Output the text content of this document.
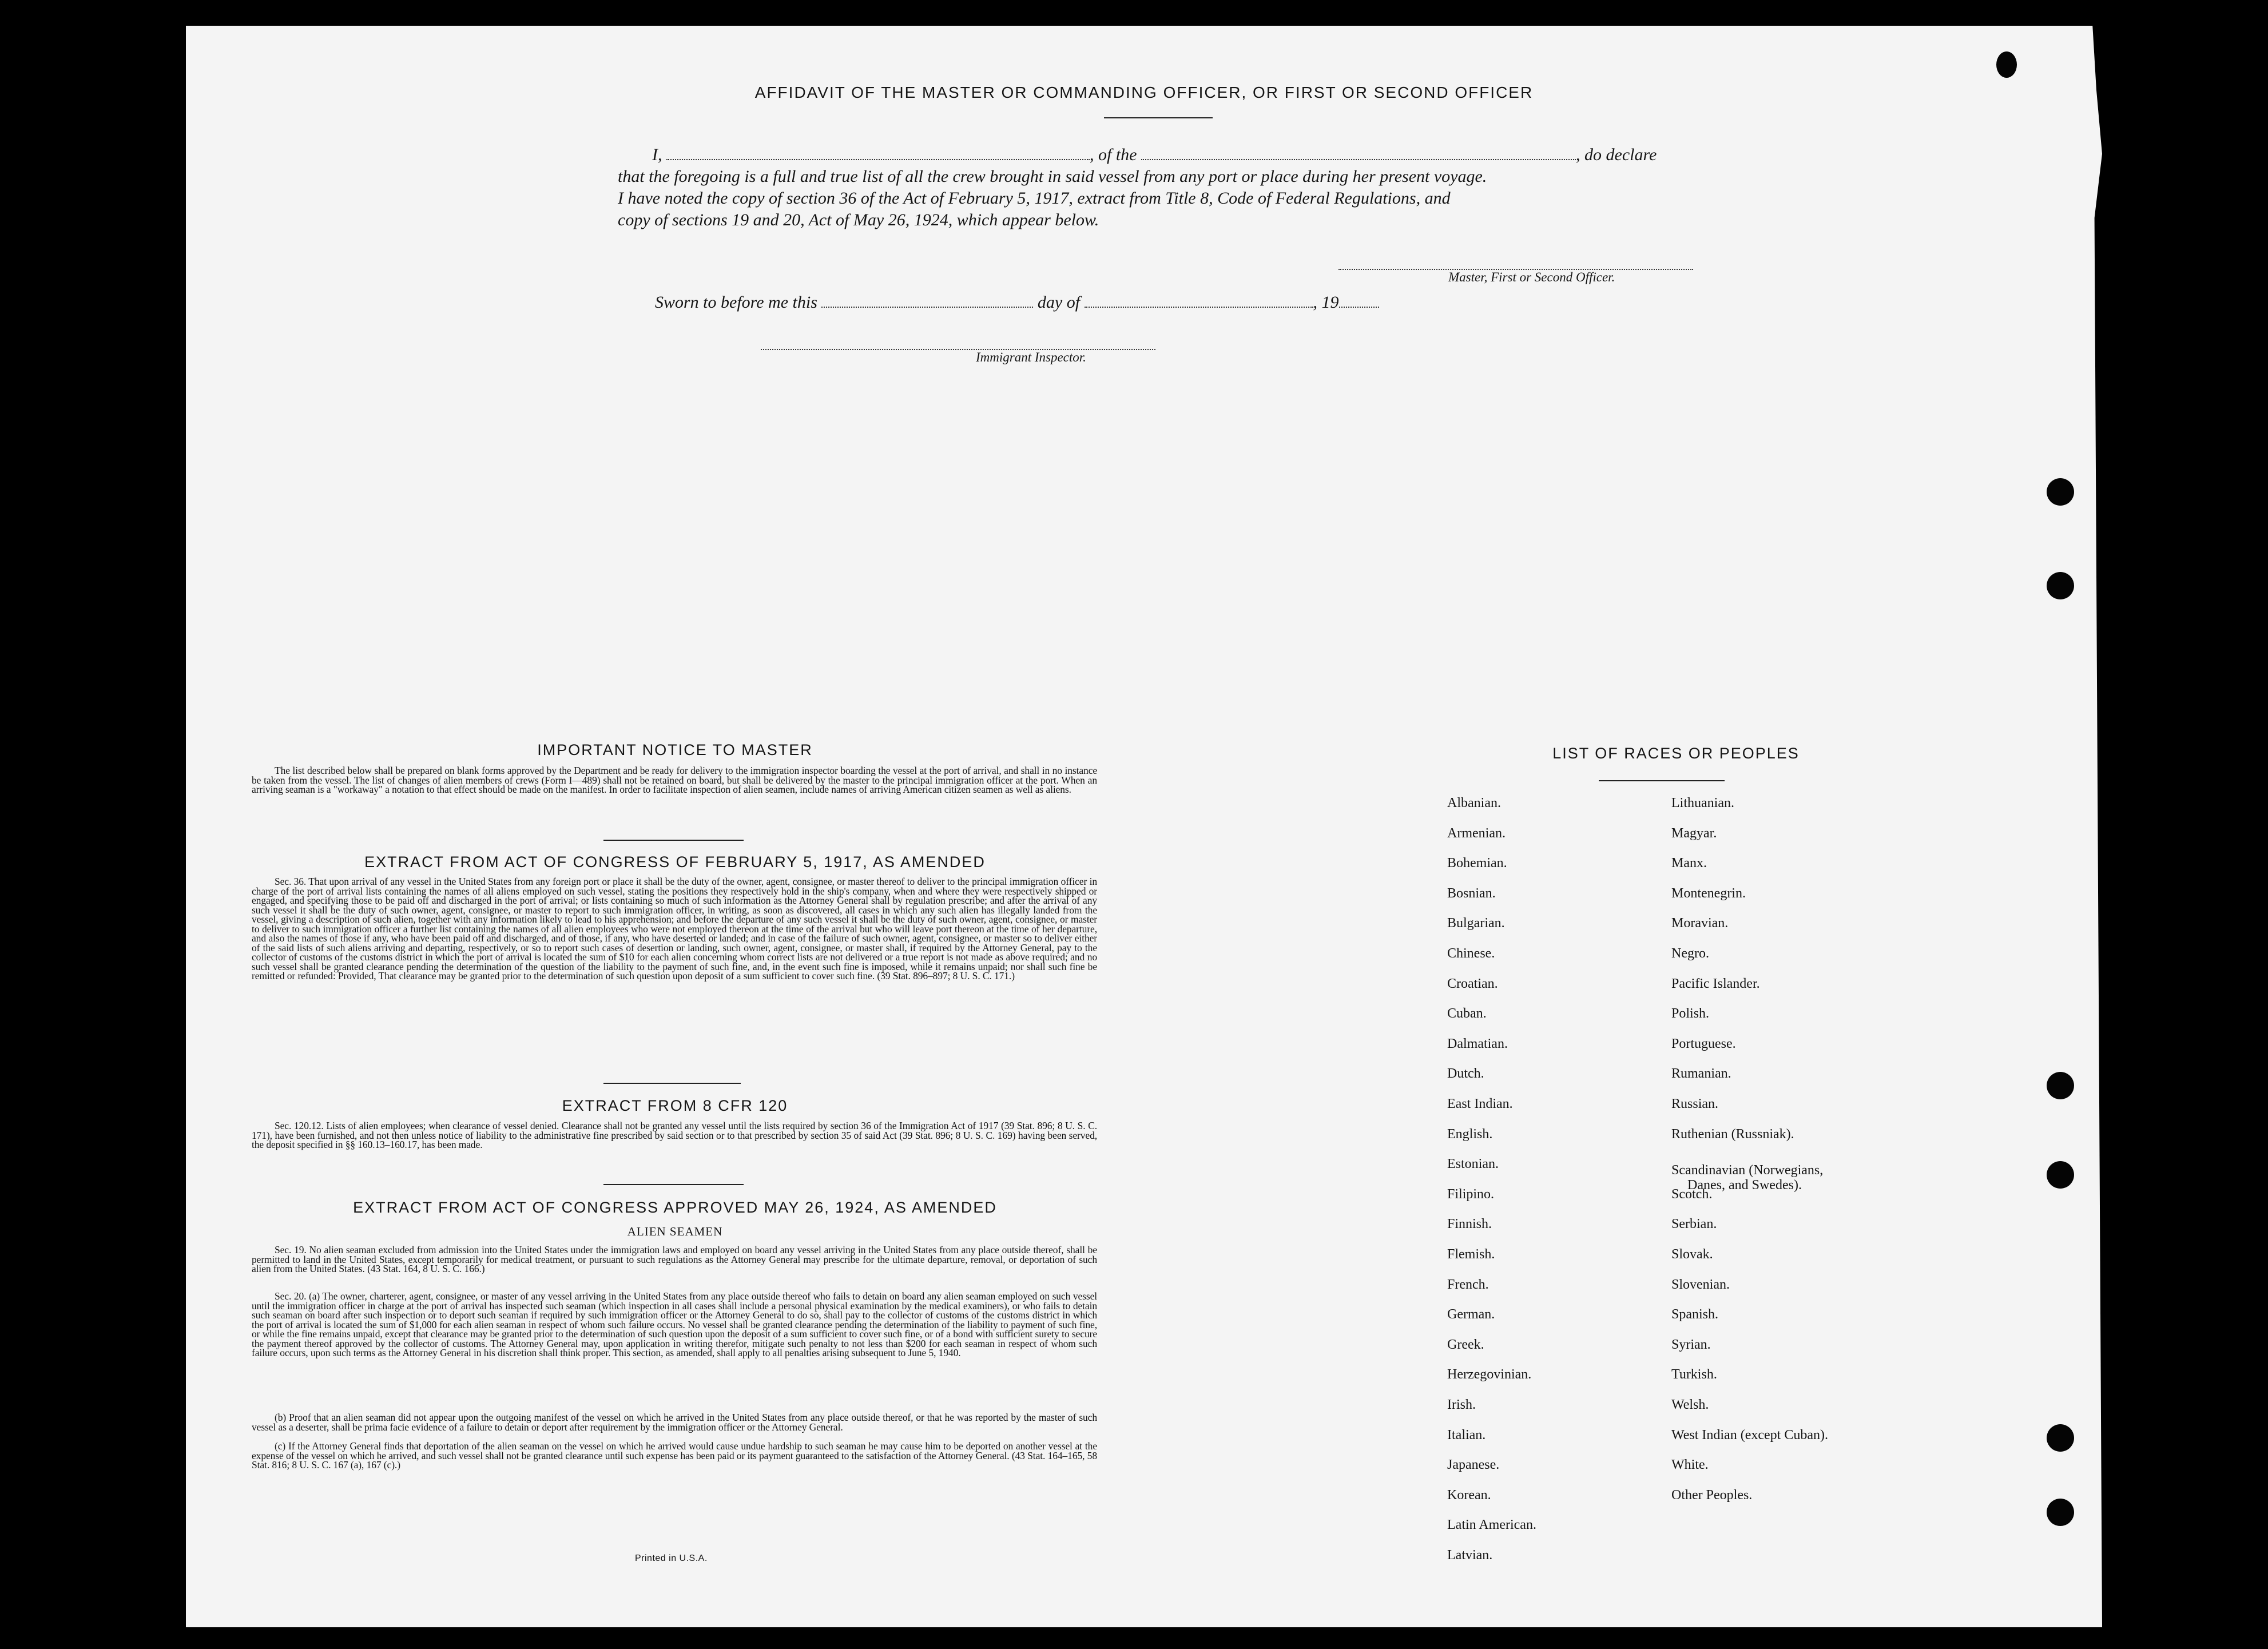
AFFIDAVIT OF THE MASTER OR COMMANDING OFFICER, OR FIRST OR SECOND OFFICER
I,	, of the	, do declare
that the foregoing is a full and true list of all the crew brought in said vessel from any port or place during her present voyage.
I have noted the copy of section 36 of the Act of February 5, 1917, extract from Title 8, Code of Federal Regulations, and
copy of sections 19 and 20, Act of May 26, 1924, which appear below.
Master, First or Second Officer.
Sworn to before me this	day of	, 19
Immigrant Inspector.
IMPORTANT NOTICE TO MASTER
The list described below shall be prepared on blank forms approved by the Department and be ready for delivery to the immigration inspector boarding the vessel at the port of arrival, and shall in no instance be taken from the vessel. The list of changes of alien members of crews (Form I—489) shall not be retained on board, but shall be delivered by the master to the principal immigration officer at the port. When an arriving seaman is a "workaway" a notation to that effect should be made on the manifest. In order to facilitate inspection of alien seamen, include names of arriving American citizen seamen as well as aliens.
EXTRACT FROM ACT OF CONGRESS OF FEBRUARY 5, 1917, AS AMENDED
Sec. 36. That upon arrival of any vessel in the United States from any foreign port or place it shall be the duty of the owner, agent, consignee, or master thereof to deliver to the principal immigration officer in charge of the port of arrival lists containing the names of all aliens employed on such vessel, stating the positions they respectively hold in the ship's company, when and where they were respectively shipped or engaged, and specifying those to be paid off and discharged in the port of arrival; or lists containing so much of such information as the Attorney General shall by regulation prescribe; and after the arrival of any such vessel it shall be the duty of such owner, agent, consignee, or master to report to such immigration officer, in writing, as soon as discovered, all cases in which any such alien has illegally landed from the vessel, giving a description of such alien, together with any information likely to lead to his apprehension; and before the departure of any such vessel it shall be the duty of such owner, agent, consignee, or master to deliver to such immigration officer a further list containing the names of all alien employees who were not employed thereon at the time of the arrival but who will leave port thereon at the time of her departure, and also the names of those if any, who have been paid off and discharged, and of those, if any, who have deserted or landed; and in case of the failure of such owner, agent, consignee, or master so to deliver either of the said lists of such aliens arriving and departing, respectively, or so to report such cases of desertion or landing, such owner, agent, consignee, or master shall, if required by the Attorney General, pay to the collector of customs of the customs district in which the port of arrival is located the sum of $10 for each alien concerning whom correct lists are not delivered or a true report is not made as above required; and no such vessel shall be granted clearance pending the determination of the question of the liability to the payment of such fine, and, in the event such fine is imposed, while it remains unpaid; nor shall such fine be remitted or refunded: Provided, That clearance may be granted prior to the determination of such question upon deposit of a sum sufficient to cover such fine. (39 Stat. 896–897; 8 U. S. C. 171.)
EXTRACT FROM 8 CFR 120
Sec. 120.12. Lists of alien employees; when clearance of vessel denied. Clearance shall not be granted any vessel until the lists required by section 36 of the Immigration Act of 1917 (39 Stat. 896; 8 U. S. C. 171), have been furnished, and not then unless notice of liability to the administrative fine prescribed by said section or to that prescribed by section 35 of said Act (39 Stat. 896; 8 U. S. C. 169) having been served, the deposit specified in §§ 160.13–160.17, has been made.
EXTRACT FROM ACT OF CONGRESS APPROVED MAY 26, 1924, AS AMENDED
ALIEN SEAMEN
Sec. 19. No alien seaman excluded from admission into the United States under the immigration laws and employed on board any vessel arriving in the United States from any place outside thereof, shall be permitted to land in the United States, except temporarily for medical treatment, or pursuant to such regulations as the Attorney General may prescribe for the ultimate departure, removal, or deportation of such alien from the United States. (43 Stat. 164, 8 U. S. C. 166.)
Sec. 20. (a) The owner, charterer, agent, consignee, or master of any vessel arriving in the United States from any place outside thereof who fails to detain on board any alien seaman employed on such vessel until the immigration officer in charge at the port of arrival has inspected such seaman (which inspection in all cases shall include a personal physical examination by the medical examiners), or who fails to detain such seaman on board after such inspection or to deport such seaman if required by such immigration officer or the Attorney General to do so, shall pay to the collector of customs of the customs district in which the port of arrival is located the sum of $1,000 for each alien seaman in respect of whom such failure occurs. No vessel shall be granted clearance pending the determination of the liability to payment of such fine, or while the fine remains unpaid, except that clearance may be granted prior to the determination of such question upon the deposit of a sum sufficient to cover such fine, or of a bond with sufficient surety to secure the payment thereof approved by the collector of customs. The Attorney General may, upon application in writing therefor, mitigate such penalty to not less than $200 for each seaman in respect of whom such failure occurs, upon such terms as the Attorney General in his discretion shall think proper. This section, as amended, shall apply to all penalties arising subsequent to June 5, 1940.
(b) Proof that an alien seaman did not appear upon the outgoing manifest of the vessel on which he arrived in the United States from any place outside thereof, or that he was reported by the master of such vessel as a deserter, shall be prima facie evidence of a failure to detain or deport after requirement by the immigration officer or the Attorney General.
(c) If the Attorney General finds that deportation of the alien seaman on the vessel on which he arrived would cause undue hardship to such seaman he may cause him to be deported on another vessel at the expense of the vessel on which he arrived, and such vessel shall not be granted clearance until such expense has been paid or its payment guaranteed to the satisfaction of the Attorney General. (43 Stat. 164–165, 58 Stat. 816; 8 U. S. C. 167 (a), 167 (c).)
Printed in U.S.A.
LIST OF RACES OR PEOPLES
Albanian.
Armenian.
Bohemian.
Bosnian.
Bulgarian.
Chinese.
Croatian.
Cuban.
Dalmatian.
Dutch.
East Indian.
English.
Estonian.
Filipino.
Finnish.
Flemish.
French.
German.
Greek.
Herzegovinian.
Irish.
Italian.
Japanese.
Korean.
Latin American.
Latvian.
Lithuanian.
Magyar.
Manx.
Montenegrin.
Moravian.
Negro.
Pacific Islander.
Polish.
Portuguese.
Rumanian.
Russian.
Ruthenian (Russniak).
Scandinavian (Norwegians,
Danes, and Swedes).
Scotch.
Serbian.
Slovak.
Slovenian.
Spanish.
Syrian.
Turkish.
Welsh.
West Indian (except Cuban).
White.
Other Peoples.
